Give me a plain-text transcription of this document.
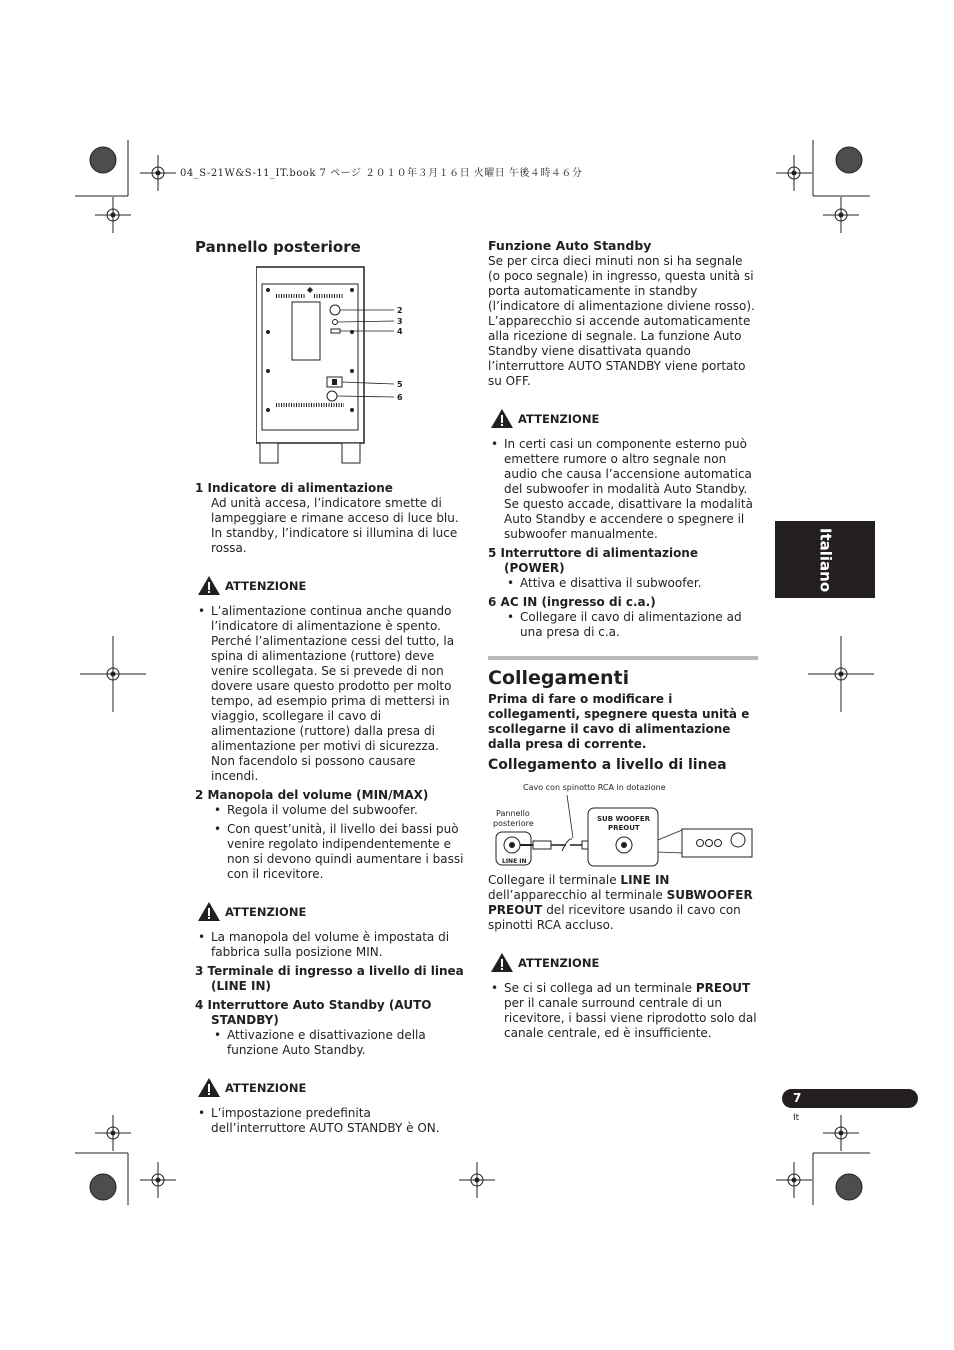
04_S-21W&S-11_IT.book 7 ページ ２０１０年３月１６日 火曜日 午後４時４６分
Pannello posteriore
2
3
4
5
6

1 Indicatore di alimentazione

Ad unità accesa, l’indicatore smette di lampeggiare e rimane acceso di luce blu. In standby, l’indicatore si illumina di luce rossa.

ATTENZIONE

• L’alimentazione continua anche quando l’indicatore di alimentazione è spento. Perché l’alimentazione cessi del tutto, la spina di alimentazione (ruttore) deve venire scollegata. Se si prevede di non dovere usare questo prodotto per molto tempo, ad esempio prima di mettersi in viaggio, scollegare il cavo di alimentazione (ruttore) dalla presa di alimentazione per motivi di sicurezza. Non facendolo si possono causare incendi.

2 Manopola del volume (MIN/MAX)

• Regola il volume del subwoofer.

• Con quest’unità, il livello dei bassi può venire regolato indipendentemente e non si devono quindi aumentare i bassi con il ricevitore.

ATTENZIONE

• La manopola del volume è impostata di fabbrica sulla posizione MIN.

3 Terminale di ingresso a livello di linea (LINE IN)

4 Interruttore Auto Standby (AUTO STANDBY)

• Attivazione e disattivazione della funzione Auto Standby.

ATTENZIONE

• L’impostazione predefinita dell’interruttore AUTO STANDBY è ON.

Funzione Auto Standby

Se per circa dieci minuti non si ha segnale (o poco segnale) in ingresso, questa unità si porta automaticamente in standby (l’indicatore di alimentazione diviene rosso). L’apparecchio si accende automaticamente alla ricezione di segnale. La funzione Auto Standby viene disattivata quando l’interruttore AUTO STANDBY viene portato su OFF.

ATTENZIONE

• In certi casi un componente esterno può emettere rumore o altro segnale non audio che causa l’accensione automatica del subwoofer in modalità Auto Standby. Se questo accade, disattivare la modalità Auto Standby e accendere o spegnere il subwoofer manualmente.

5 Interruttore di alimentazione (POWER)

• Attiva e disattiva il subwoofer.

6 AC IN (ingresso di c.a.)

• Collegare il cavo di alimentazione ad una presa di c.a.

Collegamenti

Prima di fare o modificare i collegamenti, spegnere questa unità e scollegarne il cavo di alimentazione dalla presa di corrente.

Collegamento a livello di linea
Cavo con spinotto RCA in dotazione
Pannello
posteriore
LINE IN
SUB WOOFER
PREOUT

Collegare il terminale LINE IN dell’apparecchio al terminale SUBWOOFER PREOUT del ricevitore usando il cavo con spinotti RCA accluso.

ATTENZIONE

• Se ci si collega ad un terminale PREOUT per il canale surround centrale di un ricevitore, i bassi viene riprodotto solo dal canale centrale, ed è insufficiente.

Italiano
7
It
